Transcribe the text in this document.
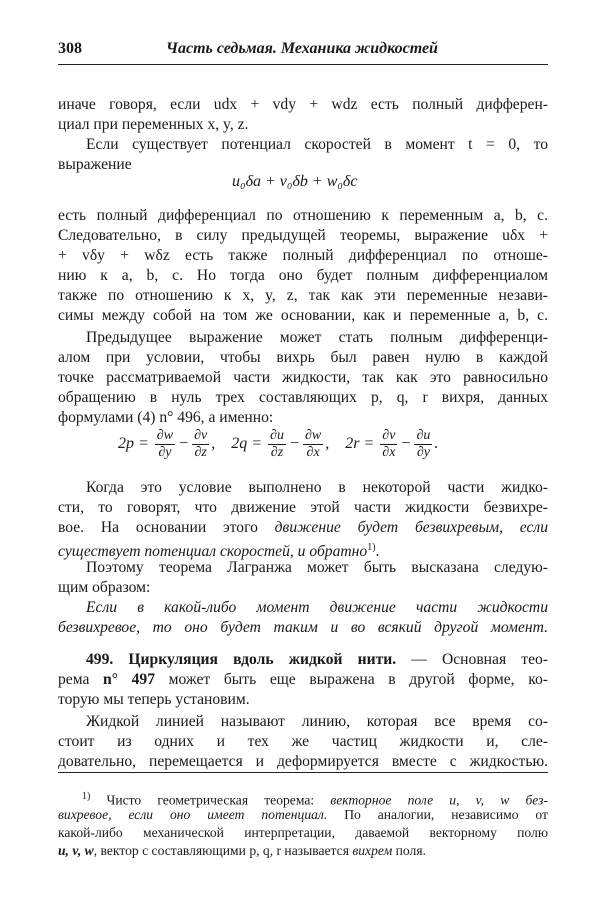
308	Часть седьмая. Механика жидкостей
иначе говоря, если udx + vdy + wdz есть полный дифферен-
циал при переменных x, y, z.
Если существует потенциал скоростей в момент t = 0, то
выражение
u₀δa + v₀δb + w₀δc
есть полный дифференциал по отношению к переменным a, b, c.
Следовательно, в силу предыдущей теоремы, выражение uδx +
+ vδy + wδz есть также полный дифференциал по отноше-
нию к a, b, c. Но тогда оно будет полным дифференциалом
также по отношению к x, y, z, так как эти переменные незави-
симы между собой на том же основании, как и переменные a, b, c.
Предыдущее выражение может стать полным дифференци-
алом при условии, чтобы вихрь был равен нулю в каждой
точке рассматриваемой части жидкости, так как это равносильно
обращению в нуль трех составляющих p, q, r вихря, данных
формулами (4) n° 496, а именно:
$2p = \frac{\partial w}{\partial y} - \frac{\partial v}{\partial z}$ , $2q = \frac{\partial u}{\partial z} - \frac{\partial w}{\partial x}$ , $2r = \frac{\partial v}{\partial x} - \frac{\partial u}{\partial y}$ .
Когда это условие выполнено в некоторой части жидко-
сти, то говорят, что движение этой части жидкости безвихре-
вое. На основании этого движение будет безвихревым, если
существует потенциал скоростей, и обратно$^{1)}$.
Поэтому теорема Лагранжа может быть высказана следую-
щим образом:
Если в какой-либо момент движение части жидкости
безвихревое, то оно будет таким и во всякий другой момент.
499. Циркуляция вдоль жидкой нити. — Основная тео-
рема n° 497 может быть еще выражена в другой форме, ко-
торую мы теперь установим.
Жидкой линией называют линию, которая все время со-
стоит из одних и тех же частиц жидкости и, сле-
довательно, перемещается и деформируется вместе с жидкостью.
$^{1)}$ Чисто геометрическая теорема: векторное поле u, v, w без-
вихревое, если оно имеет потенциал. По аналогии, независимо от
какой-либо механической интерпретации, даваемой векторному полю
u, v, w, вектор с составляющими p, q, r называется вихрем поля.
